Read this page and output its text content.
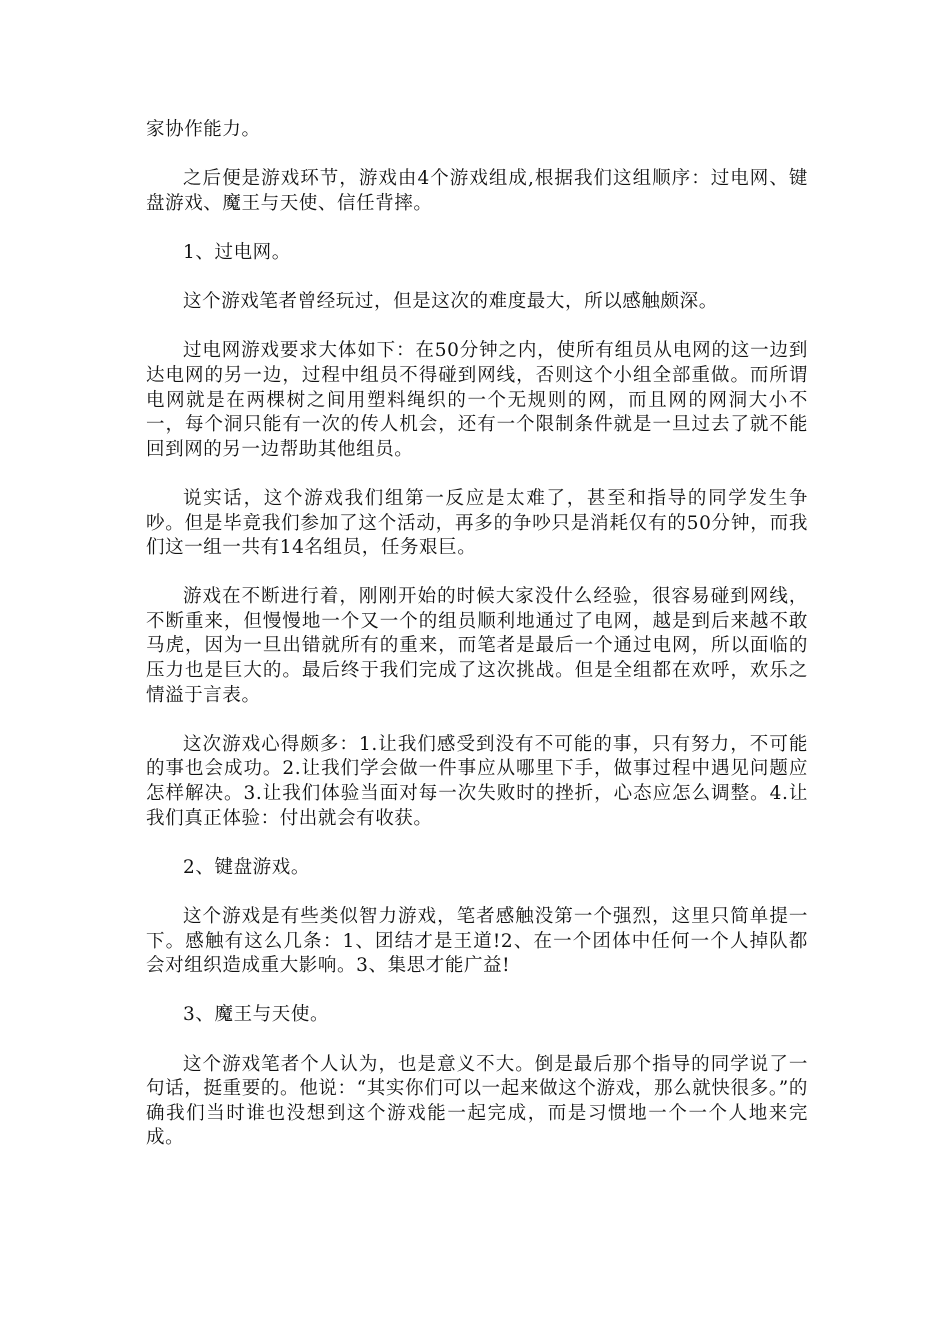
家协作能力。

之后便是游戏环节，游戏由4个游戏组成,根据我们这组顺序：过电网、键盘游戏、魔王与天使、信任背摔。

1、过电网。

这个游戏笔者曾经玩过，但是这次的难度最大，所以感触颇深。

过电网游戏要求大体如下：在50分钟之内，使所有组员从电网的这一边到达电网的另一边，过程中组员不得碰到网线，否则这个小组全部重做。而所谓电网就是在两棵树之间用塑料绳织的一个无规则的网，而且网的网洞大小不一，每个洞只能有一次的传人机会，还有一个限制条件就是一旦过去了就不能回到网的另一边帮助其他组员。

说实话，这个游戏我们组第一反应是太难了，甚至和指导的同学发生争吵。但是毕竟我们参加了这个活动，再多的争吵只是消耗仅有的50分钟，而我们这一组一共有14名组员，任务艰巨。

游戏在不断进行着，刚刚开始的时候大家没什么经验，很容易碰到网线，不断重来，但慢慢地一个又一个的组员顺利地通过了电网，越是到后来越不敢马虎，因为一旦出错就所有的重来，而笔者是最后一个通过电网，所以面临的压力也是巨大的。最后终于我们完成了这次挑战。但是全组都在欢呼，欢乐之情溢于言表。

这次游戏心得颇多：1.让我们感受到没有不可能的事，只有努力，不可能的事也会成功。2.让我们学会做一件事应从哪里下手，做事过程中遇见问题应怎样解决。3.让我们体验当面对每一次失败时的挫折，心态应怎么调整。4.让我们真正体验：付出就会有收获。

2、键盘游戏。

这个游戏是有些类似智力游戏，笔者感触没第一个强烈，这里只简单提一下。感触有这么几条：1、团结才是王道!2、在一个团体中任何一个人掉队都会对组织造成重大影响。3、集思才能广益!

3、魔王与天使。

这个游戏笔者个人认为，也是意义不大。倒是最后那个指导的同学说了一句话，挺重要的。他说：“其实你们可以一起来做这个游戏，那么就快很多。”的确我们当时谁也没想到这个游戏能一起完成，而是习惯地一个一个人地来完成。
